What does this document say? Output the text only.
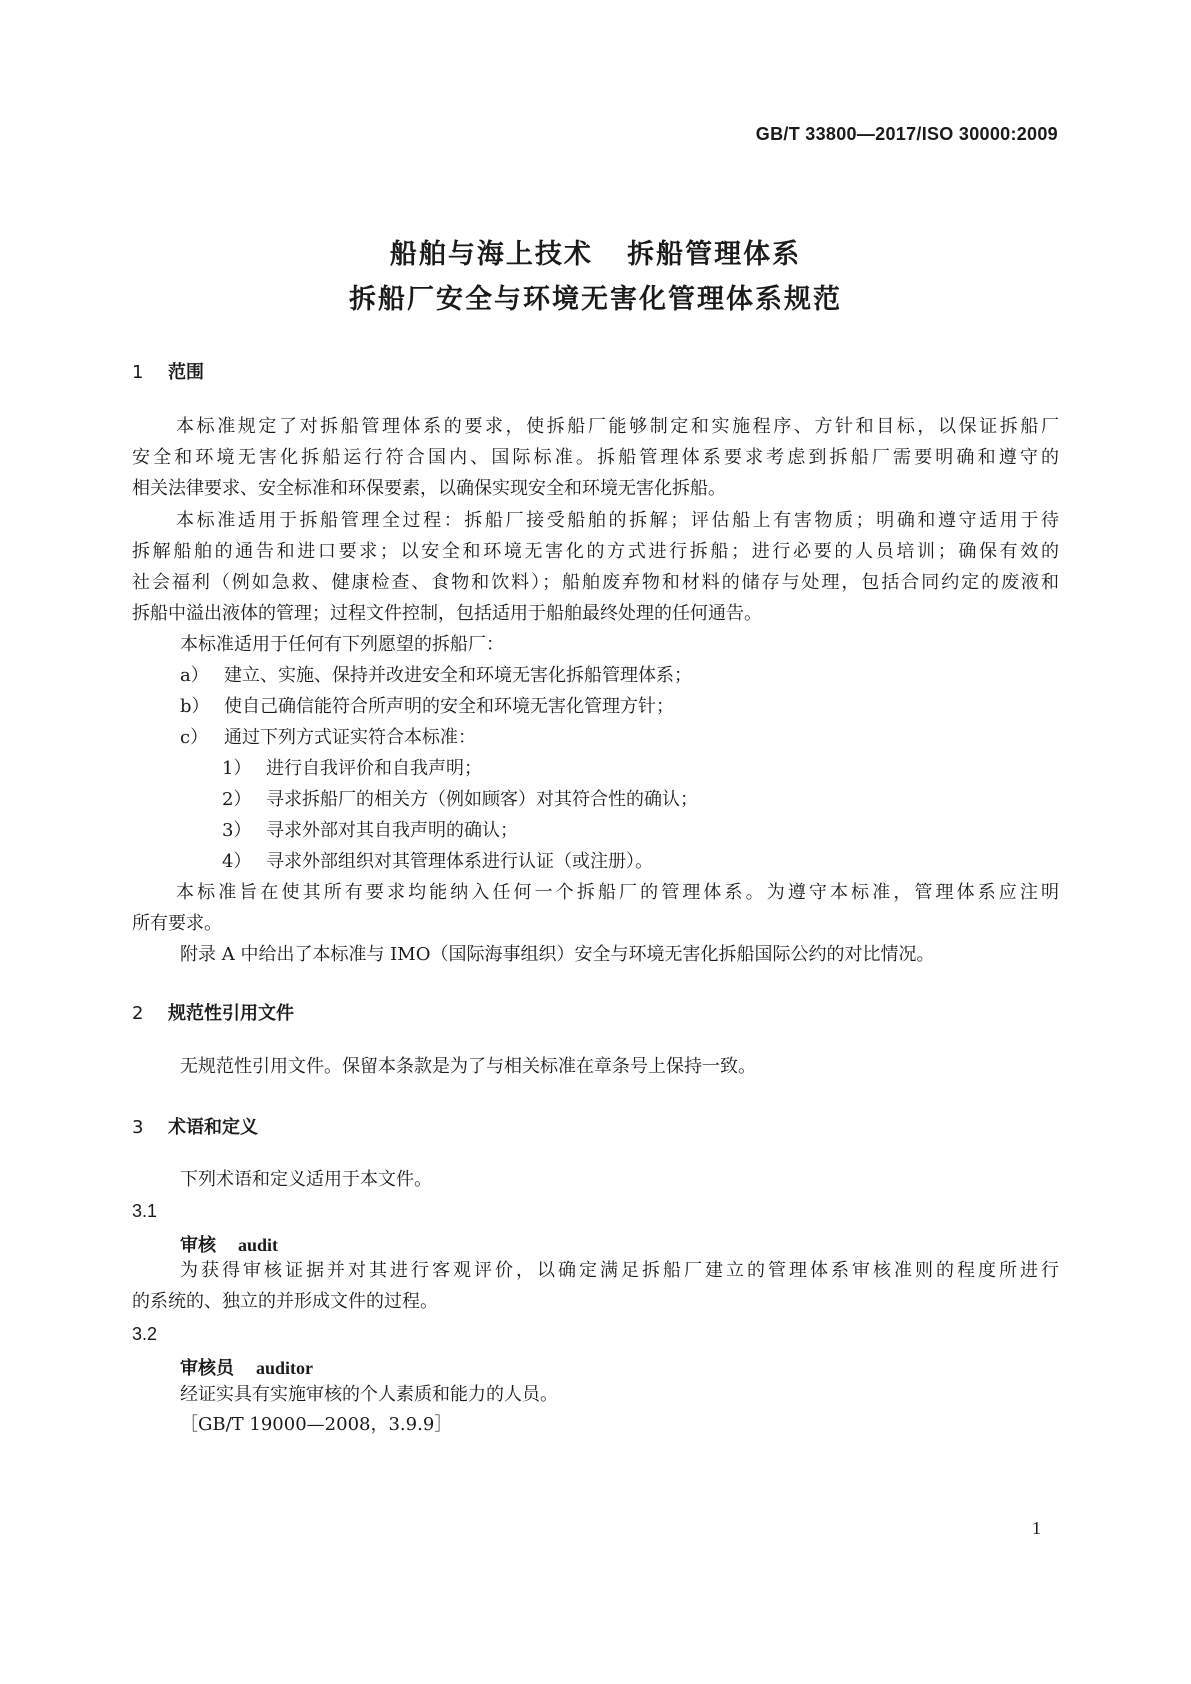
GB/T 33800—2017/ISO 30000:2009
船舶与海上技术   拆船管理体系
拆船厂安全与环境无害化管理体系规范
1 范围
本标准规定了对拆船管理体系的要求，使拆船厂能够制定和实施程序、方针和目标，以保证拆船厂
安全和环境无害化拆船运行符合国内、国际标准。拆船管理体系要求考虑到拆船厂需要明确和遵守的
相关法律要求、安全标准和环保要素，以确保实现安全和环境无害化拆船。
本标准适用于拆船管理全过程：拆船厂接受船舶的拆解；评估船上有害物质；明确和遵守适用于待
拆解船舶的通告和进口要求；以安全和环境无害化的方式进行拆船；进行必要的人员培训；确保有效的
社会福利（例如急救、健康检查、食物和饮料）；船舶废弃物和材料的储存与处理，包括合同约定的废液和
拆船中溢出液体的管理；过程文件控制，包括适用于船舶最终处理的任何通告。
本标准适用于任何有下列愿望的拆船厂：
a） 建立、实施、保持并改进安全和环境无害化拆船管理体系；
b） 使自己确信能符合所声明的安全和环境无害化管理方针；
c） 通过下列方式证实符合本标准：
1） 进行自我评价和自我声明；
2） 寻求拆船厂的相关方（例如顾客）对其符合性的确认；
3） 寻求外部对其自我声明的确认；
4） 寻求外部组织对其管理体系进行认证（或注册）。
本标准旨在使其所有要求均能纳入任何一个拆船厂的管理体系。为遵守本标准，管理体系应注明
所有要求。
附录 A 中给出了本标准与 IMO（国际海事组织）安全与环境无害化拆船国际公约的对比情况。
2 规范性引用文件
无规范性引用文件。保留本条款是为了与相关标准在章条号上保持一致。
3 术语和定义
下列术语和定义适用于本文件。
3.1
审核 audit
为获得审核证据并对其进行客观评价，以确定满足拆船厂建立的管理体系审核准则的程度所进行
的系统的、独立的并形成文件的过程。
3.2
审核员 auditor
经证实具有实施审核的个人素质和能力的人员。
［GB/T 19000—2008，3.9.9］
1
